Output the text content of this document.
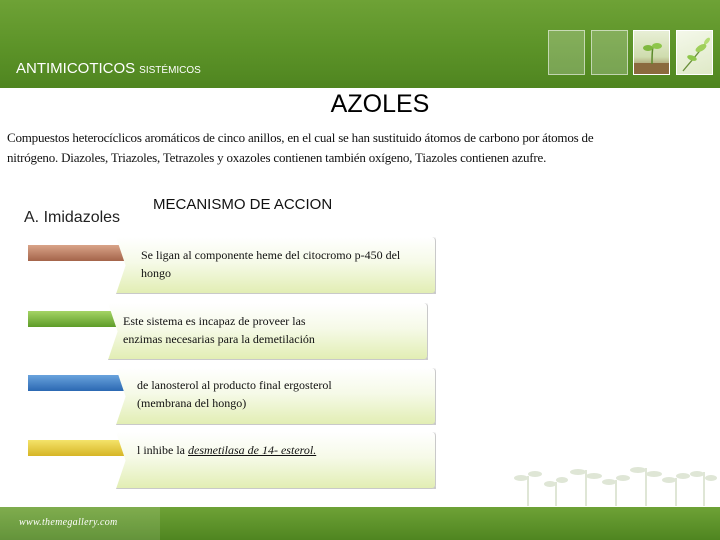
ANTIMICOTICOS SISTÉMICOS
AZOLES
Compuestos heterocíclicos aromáticos de cinco anillos, en el cual se han sustituido átomos de carbono por átomos de
nitrógeno. Diazoles, Triazoles, Tetrazoles y oxazoles contienen también oxígeno, Tiazoles contienen azufre.
A. Imidazoles
MECANISMO DE ACCION
Se ligan al componente heme del citocromo p-450 del
hongo
Este sistema es incapaz de proveer las
enzimas necesarias para la demetilación
de lanosterol al producto final ergosterol
(membrana del hongo)
l inhibe la desmetilasa de 14- esterol.
www.themegallery.com
